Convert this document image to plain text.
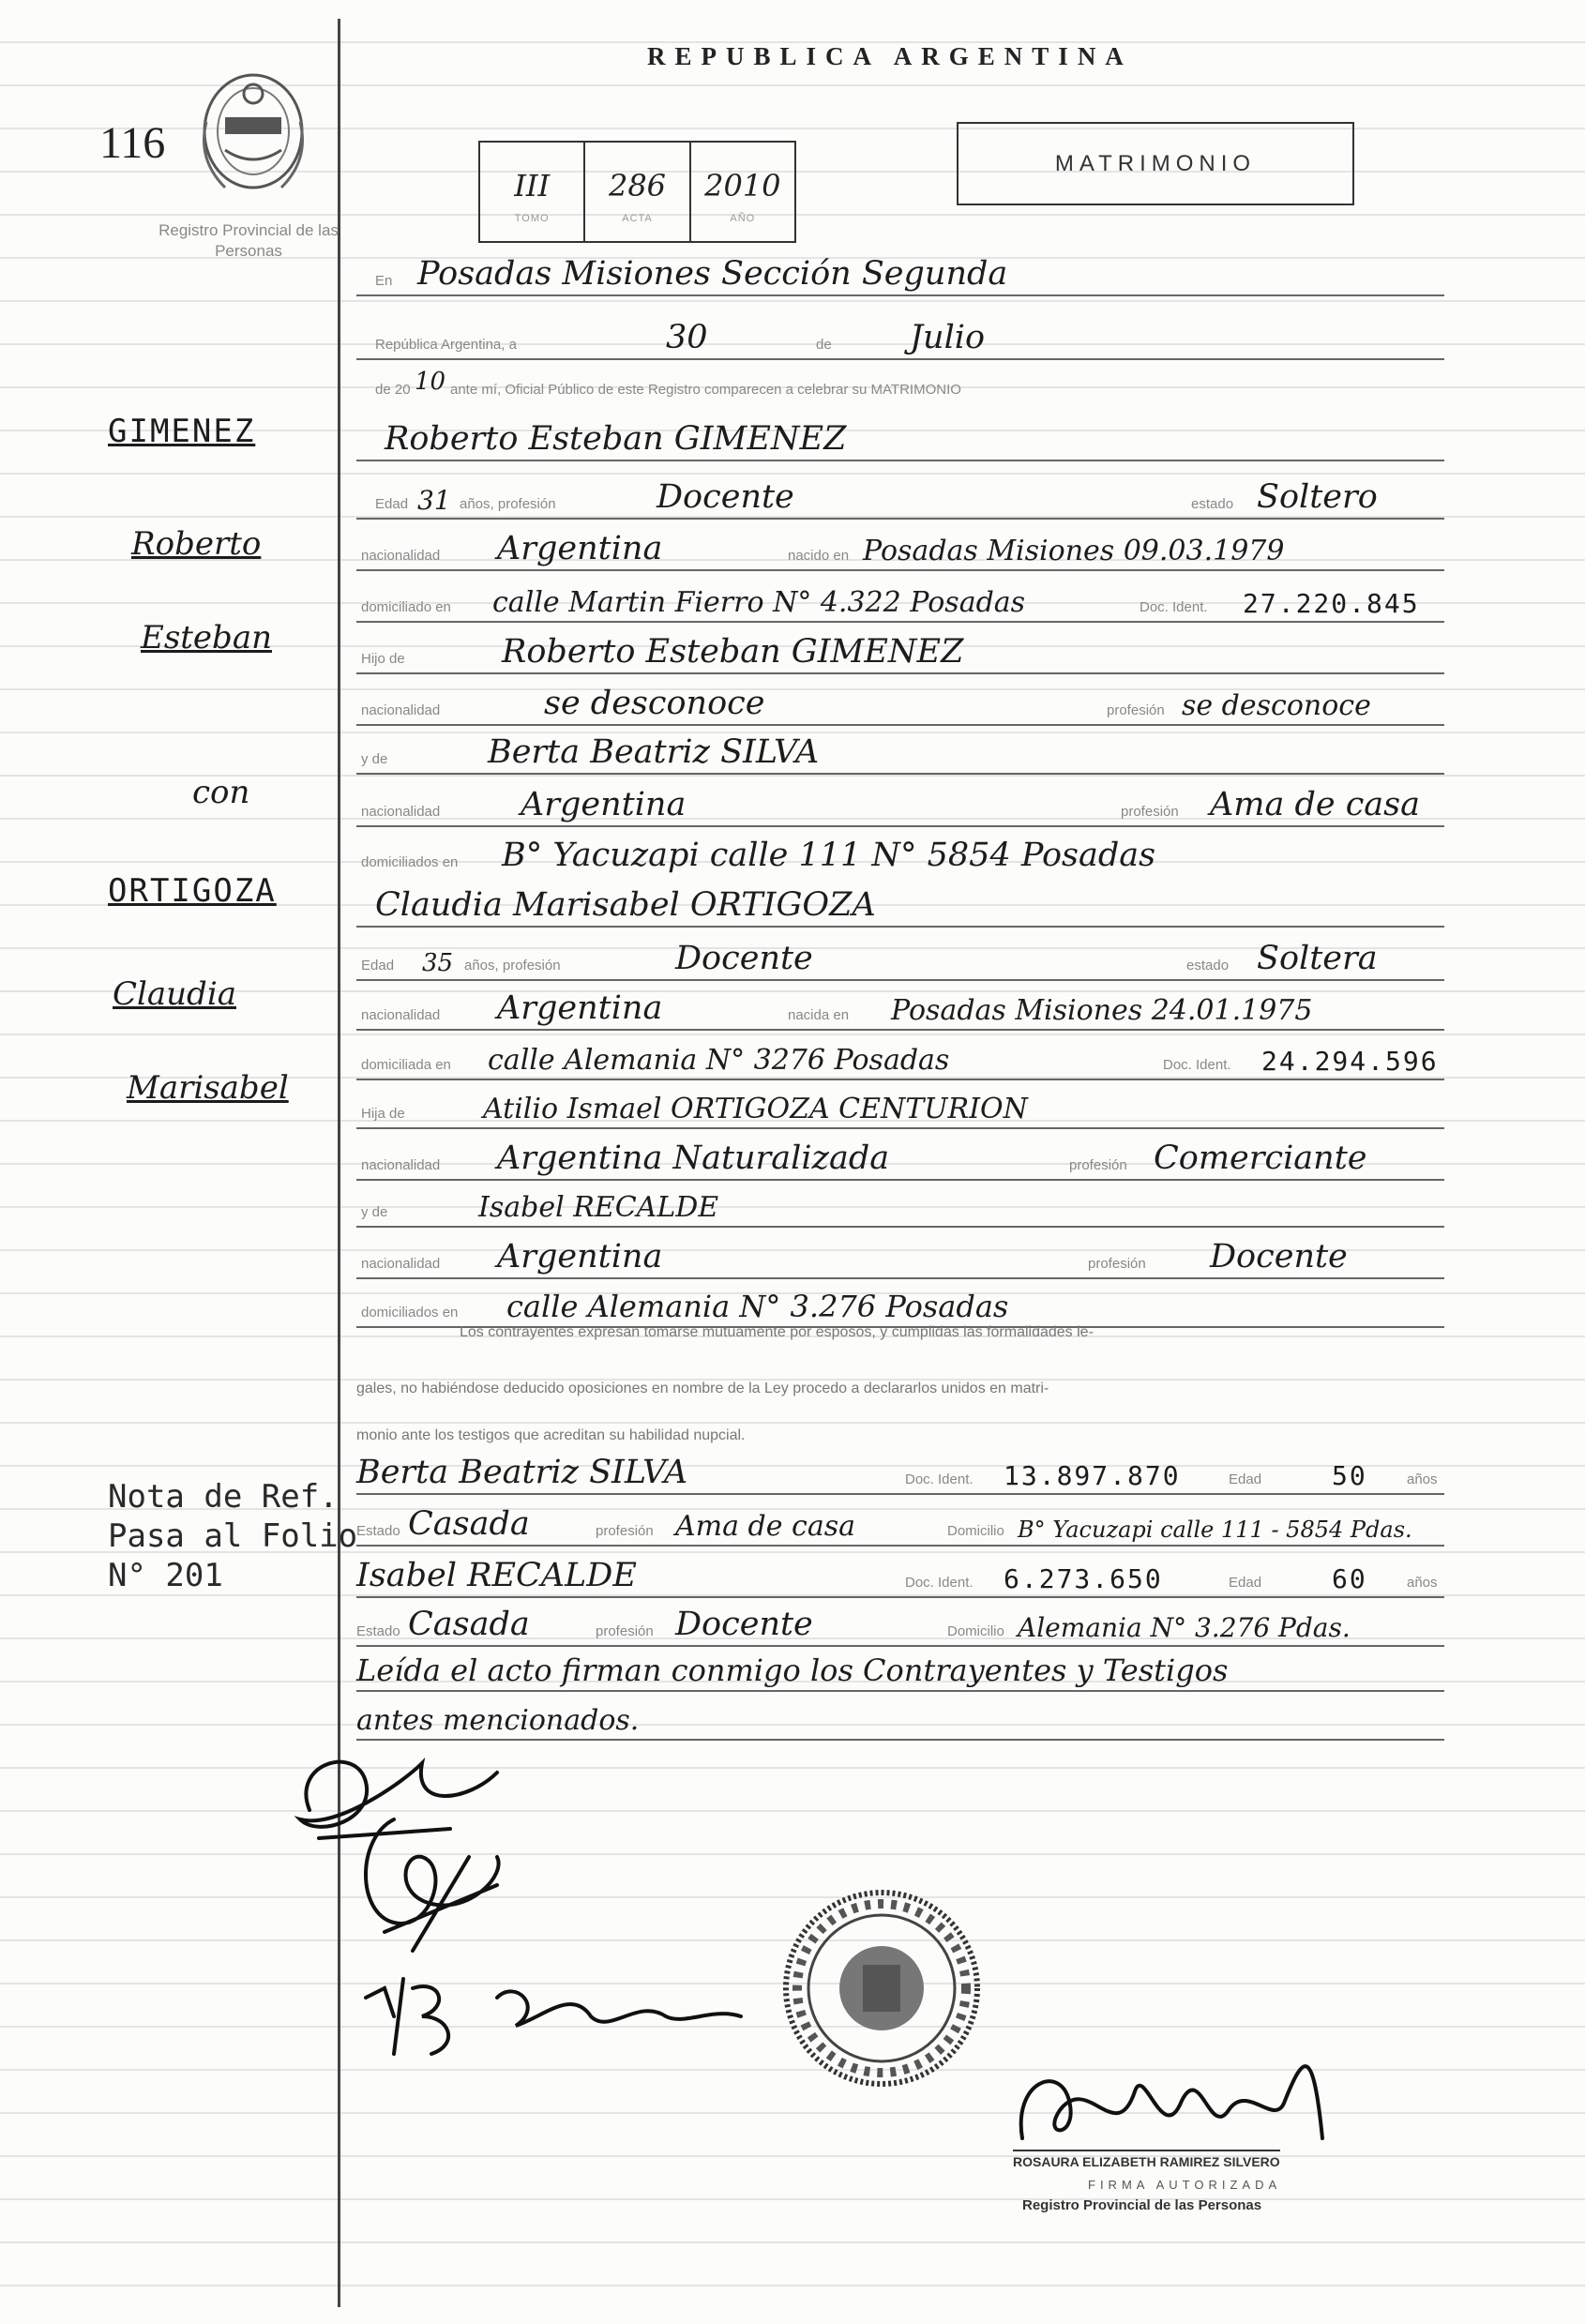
REPUBLICA ARGENTINA
116
Registro Provincial de las Personas
III
TOMO
286
ACTA
2010
AÑO
MATRIMONIO
En Posadas Misiones Sección Segunda
República Argentina, a	30	de Julio
de 20 10 ante mí, Oficial Público de este Registro comparecen a celebrar su MATRIMONIO
Roberto Esteban GIMENEZ
Edad 31 años, profesión	Docente	estado Soltero
nacionalidad Argentina	nacido en Posadas Misiones 09.03.1979
domiciliado en calle Martin Fierro N° 4.322 Posadas	Doc. Ident. 27.220.845
Hijo de	Roberto Esteban GIMENEZ
nacionalidad	se desconoce	profesión se desconoce
y de	Berta Beatriz SILVA
nacionalidad Argentina	profesión Ama de casa
domiciliados en B° Yacuzapi calle 111 N° 5854 Posadas
Claudia Marisabel ORTIGOZA
Edad 35 años, profesión	Docente	estado Soltera
nacionalidad Argentina	nacida en Posadas Misiones 24.01.1975
domiciliada en calle Alemania N° 3276 Posadas	Doc. Ident. 24.294.596
Hija de	Atilio Ismael ORTIGOZA CENTURION
nacionalidad Argentina Naturalizada	profesión Comerciante
y de	Isabel RECALDE
nacionalidad Argentina	profesión Docente
domiciliados en calle Alemania N° 3.276 Posadas
Los contrayentes expresan tomarse mutuamente por esposos, y cumplidas las formalidades le-
gales, no habiéndose deducido oposiciones en nombre de la Ley procedo a declararlos unidos en matri-
monio ante los testigos que acreditan su habilidad nupcial.
Berta Beatriz SILVA	Doc. Ident. 13.897.870	Edad	50	años
Estado Casada	profesión Ama de casa	Domicilio B° Yacuzapi calle 111 - 5854 Pdas.
Isabel RECALDE	Doc. Ident. 6.273.650	Edad	60	años
Estado Casada	profesión Docente	Domicilio Alemania N° 3.276 Pdas.
Leída el acto firman conmigo los Contrayentes y Testigos
antes mencionados.
GIMENEZ
Roberto
Esteban
con
ORTIGOZA
Claudia
Marisabel
Nota de Ref.
Pasa al Folio
N° 201
ROSAURA ELIZABETH RAMIREZ SILVERO
FIRMA AUTORIZADA
Registro Provincial de las Personas
